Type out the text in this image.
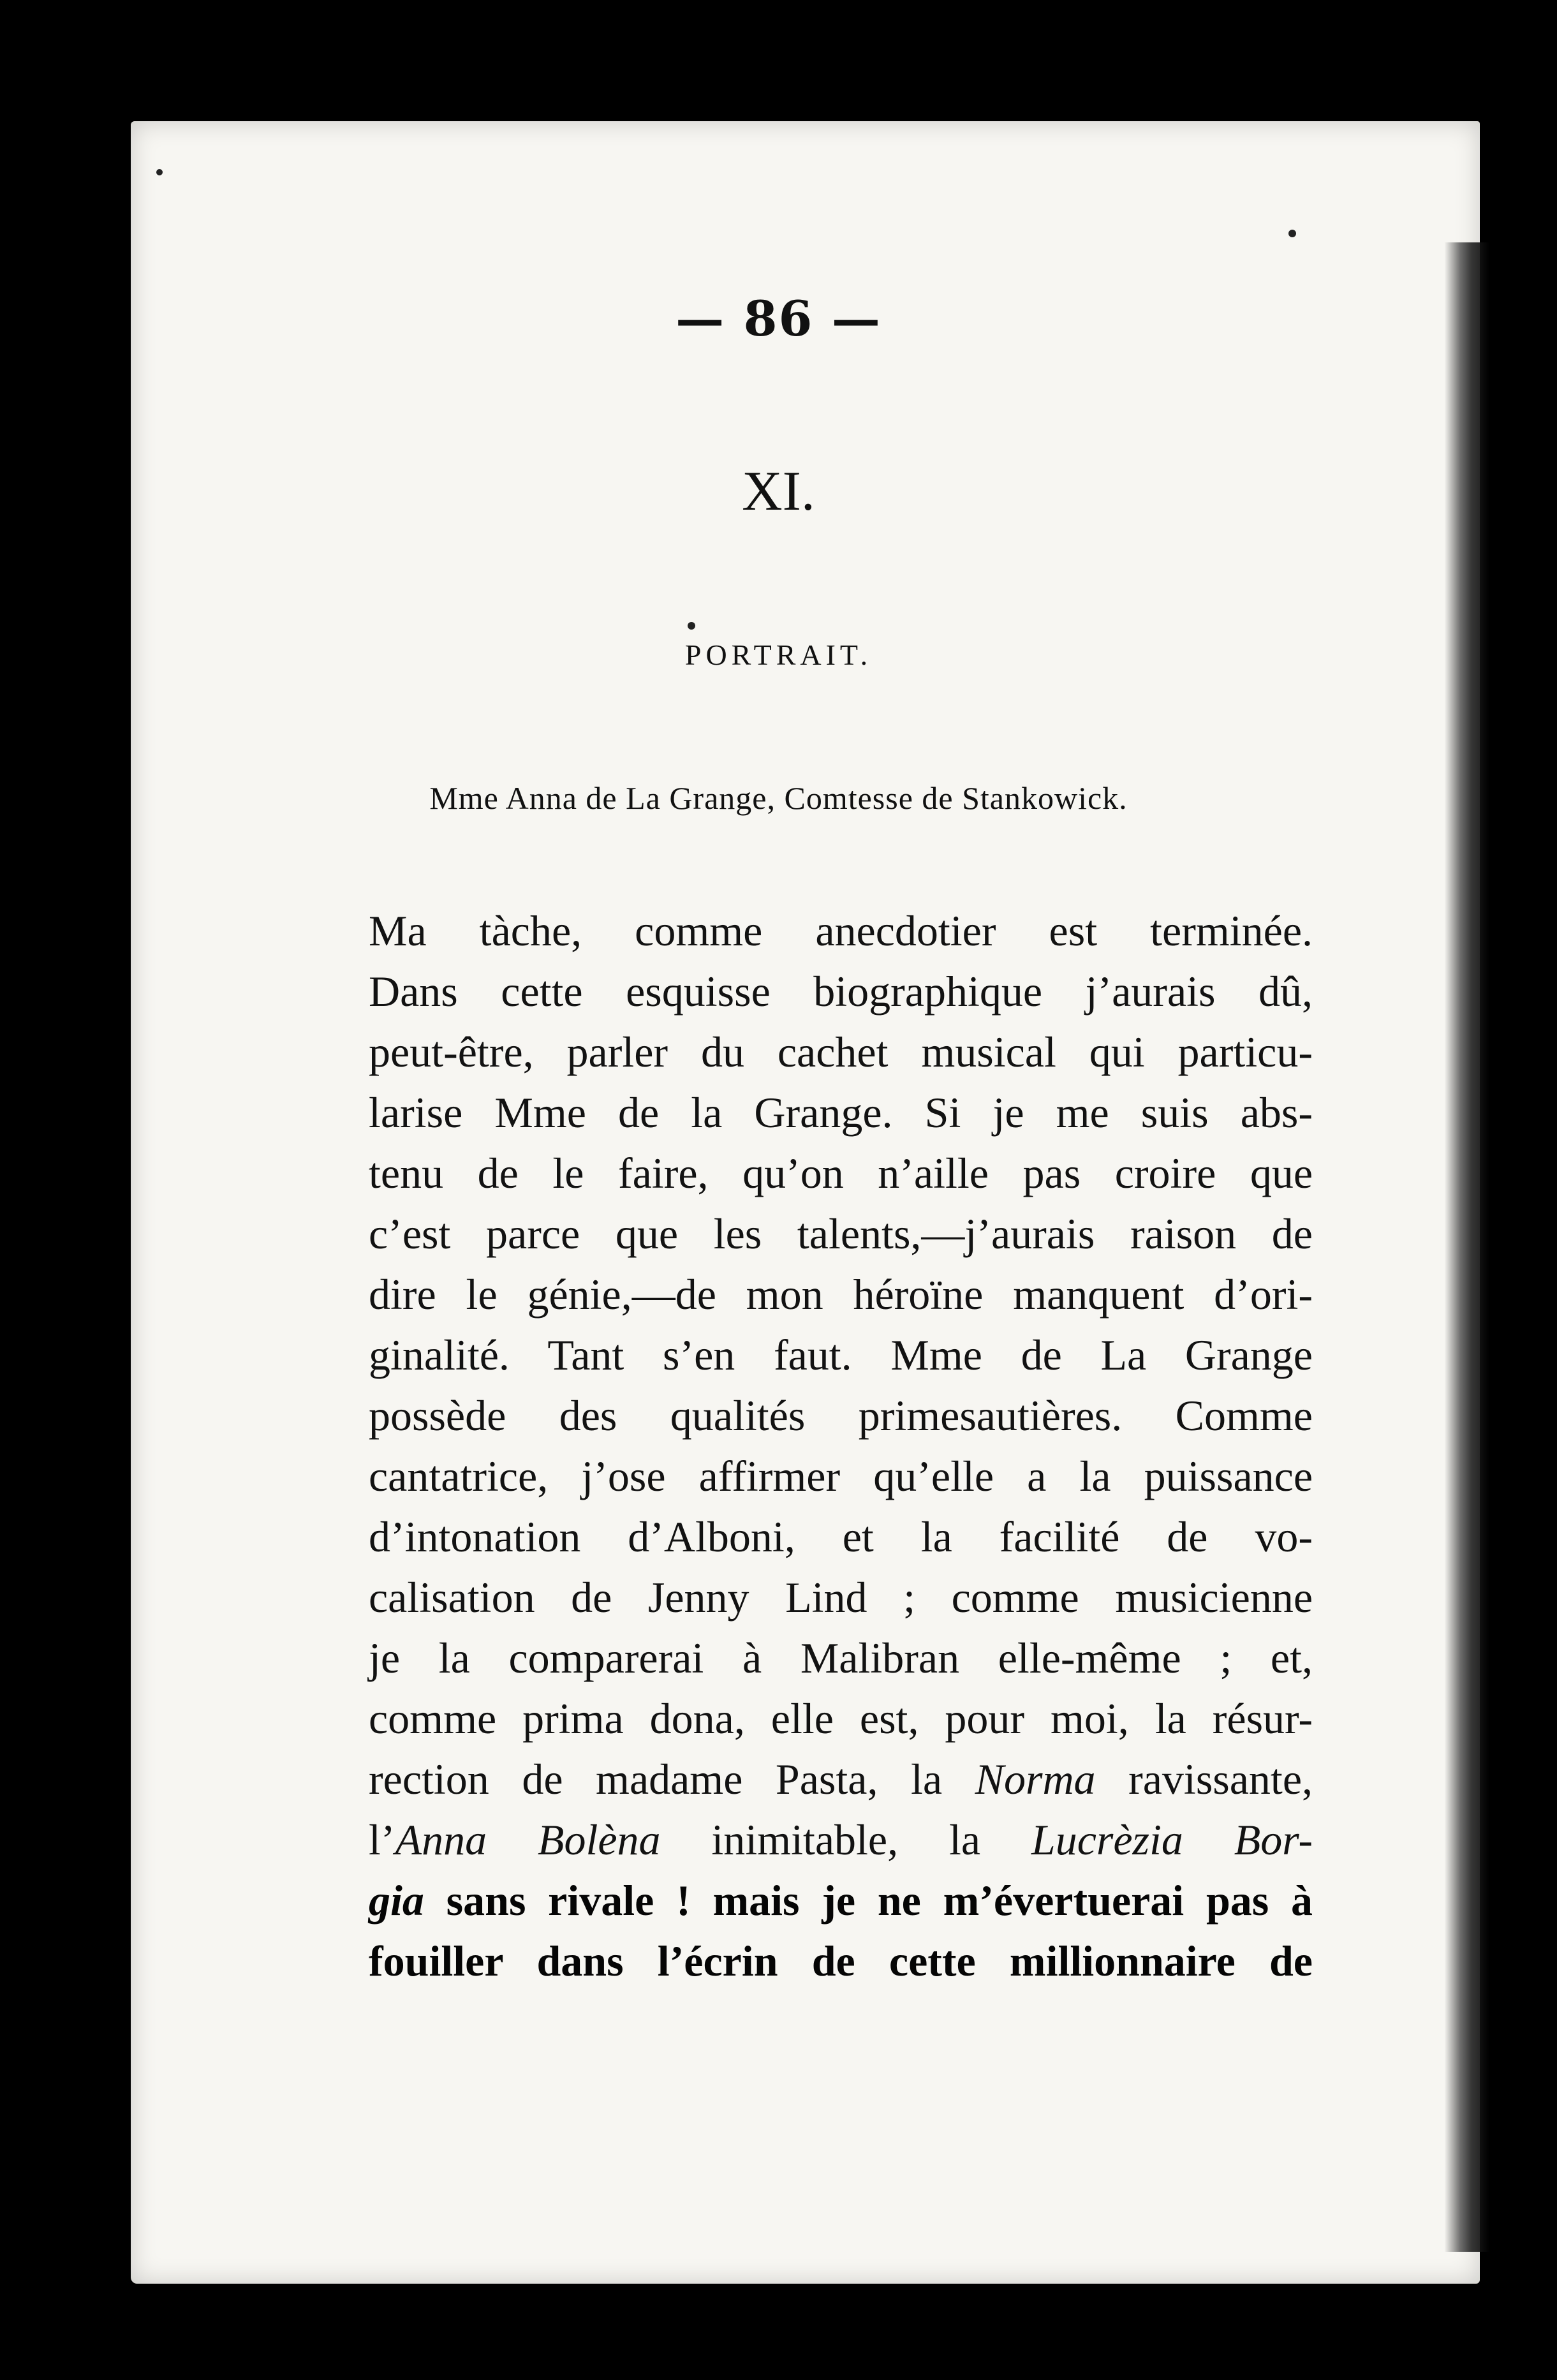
— 86 —
XI.
PORTRAIT.
Mme Anna de La Grange, Comtesse de Stankowick.
Ma tàche, comme anecdotier est terminée.
Dans cette esquisse biographique j’aurais dû,
peut-être, parler du cachet musical qui particu-
larise Mme de la Grange. Si je me suis abs-
tenu de le faire, qu’on n’aille pas croire que
c’est parce que les talents,—j’aurais raison de
dire le génie,—de mon héroïne manquent d’ori-
ginalité. Tant s’en faut. Mme de La Grange
possède des qualités primesautières. Comme
cantatrice, j’ose affirmer qu’elle a la puissance
d’intonation d’Alboni, et la facilité de vo-
calisation de Jenny Lind ; comme musicienne
je la comparerai à Malibran elle-même ; et,
comme prima dona, elle est, pour moi, la résur-
rection de madame Pasta, la Norma ravissante,
l’Anna Bolèna inimitable, la Lucrèzia Bor-
gia sans rivale ! mais je ne m’évertuerai pas à
fouiller dans l’écrin de cette millionnaire de
